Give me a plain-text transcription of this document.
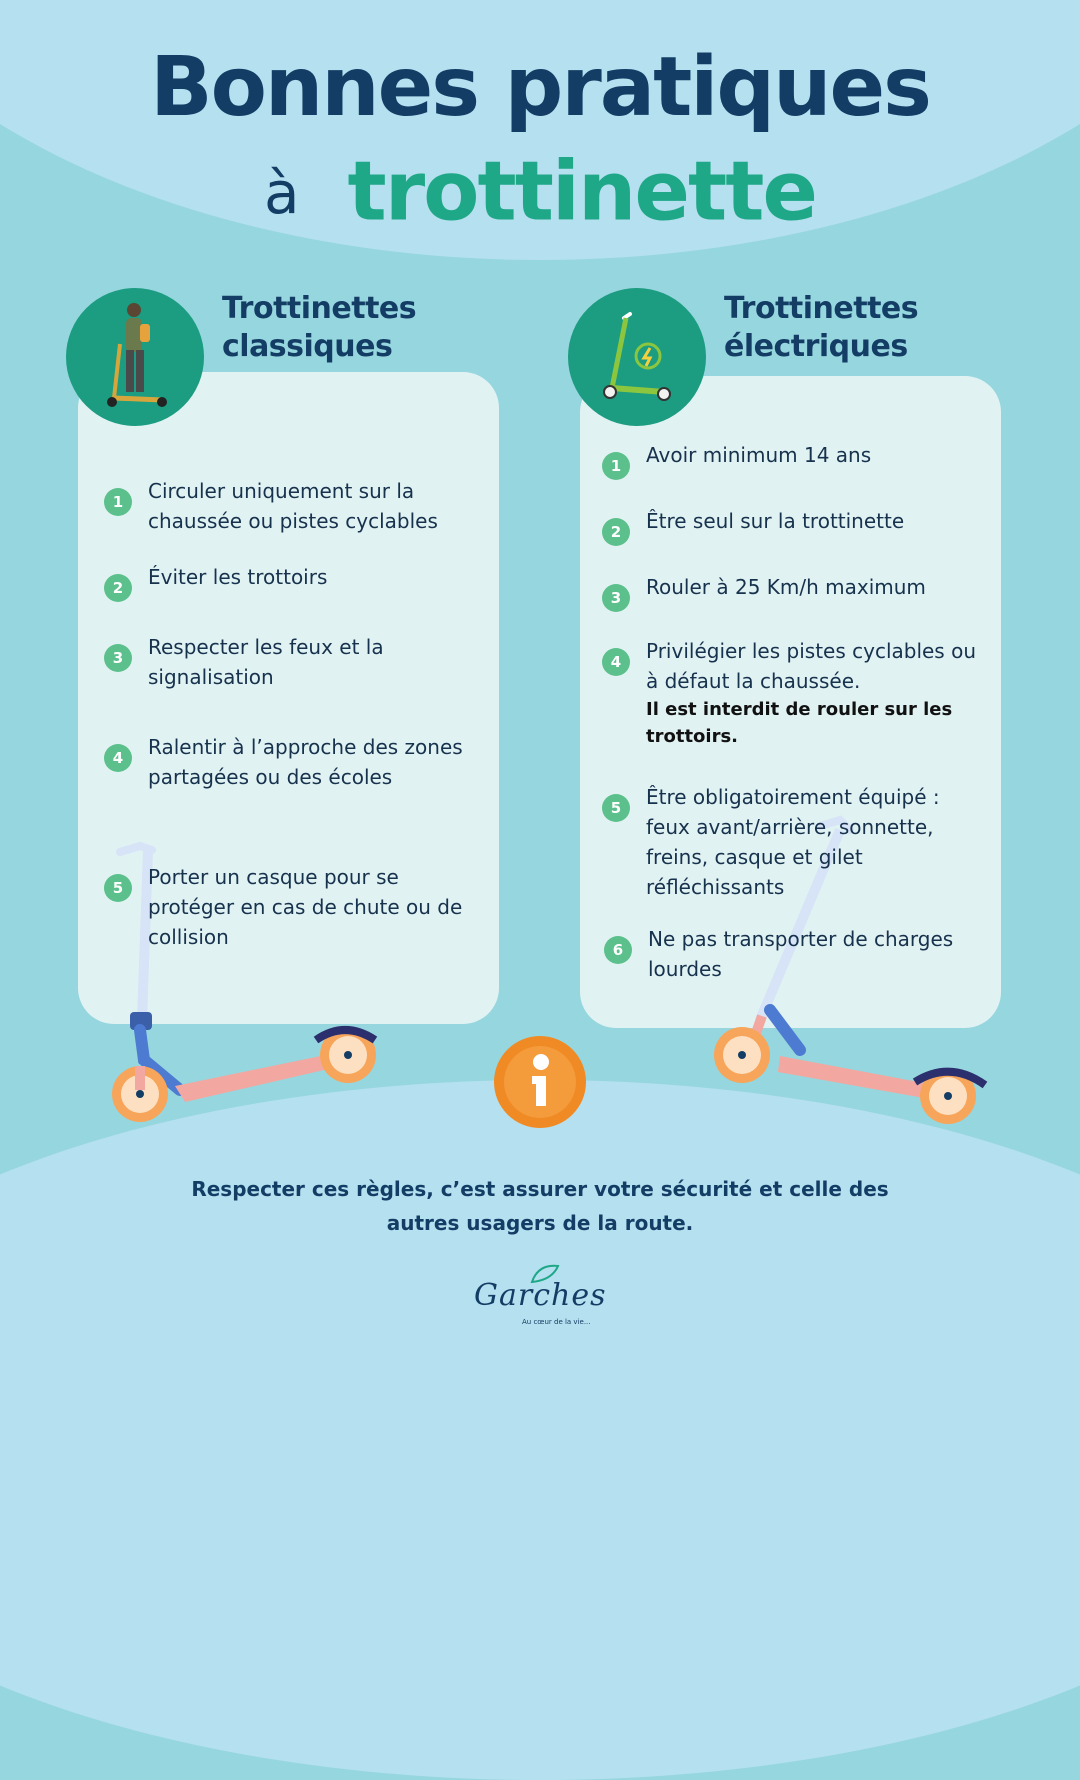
Bonnes pratiques
à trottinette
Trottinettes
classiques
Trottinettes
électriques
1	Circuler uniquement sur la chaussée ou pistes cyclables
2	Éviter les trottoirs
3	Respecter les feux et la signalisation
4	Ralentir à l’approche des zones partagées ou des écoles
5	Porter un casque pour se protéger en cas de chute ou de collision
1	Avoir minimum 14 ans
2	Être seul sur la trottinette
3	Rouler à 25 Km/h maximum
4	Privilégier les pistes cyclables ou à défaut la chaussée.
Il est interdit de rouler sur les trottoirs.
5	Être obligatoirement équipé : feux avant/arrière, sonnette, freins, casque et gilet réfléchissants
6	Ne pas transporter de charges lourdes
Respecter ces règles, c’est assurer votre sécurité et celle des
autres usagers de la route.
Garches
Au cœur de la vie...
